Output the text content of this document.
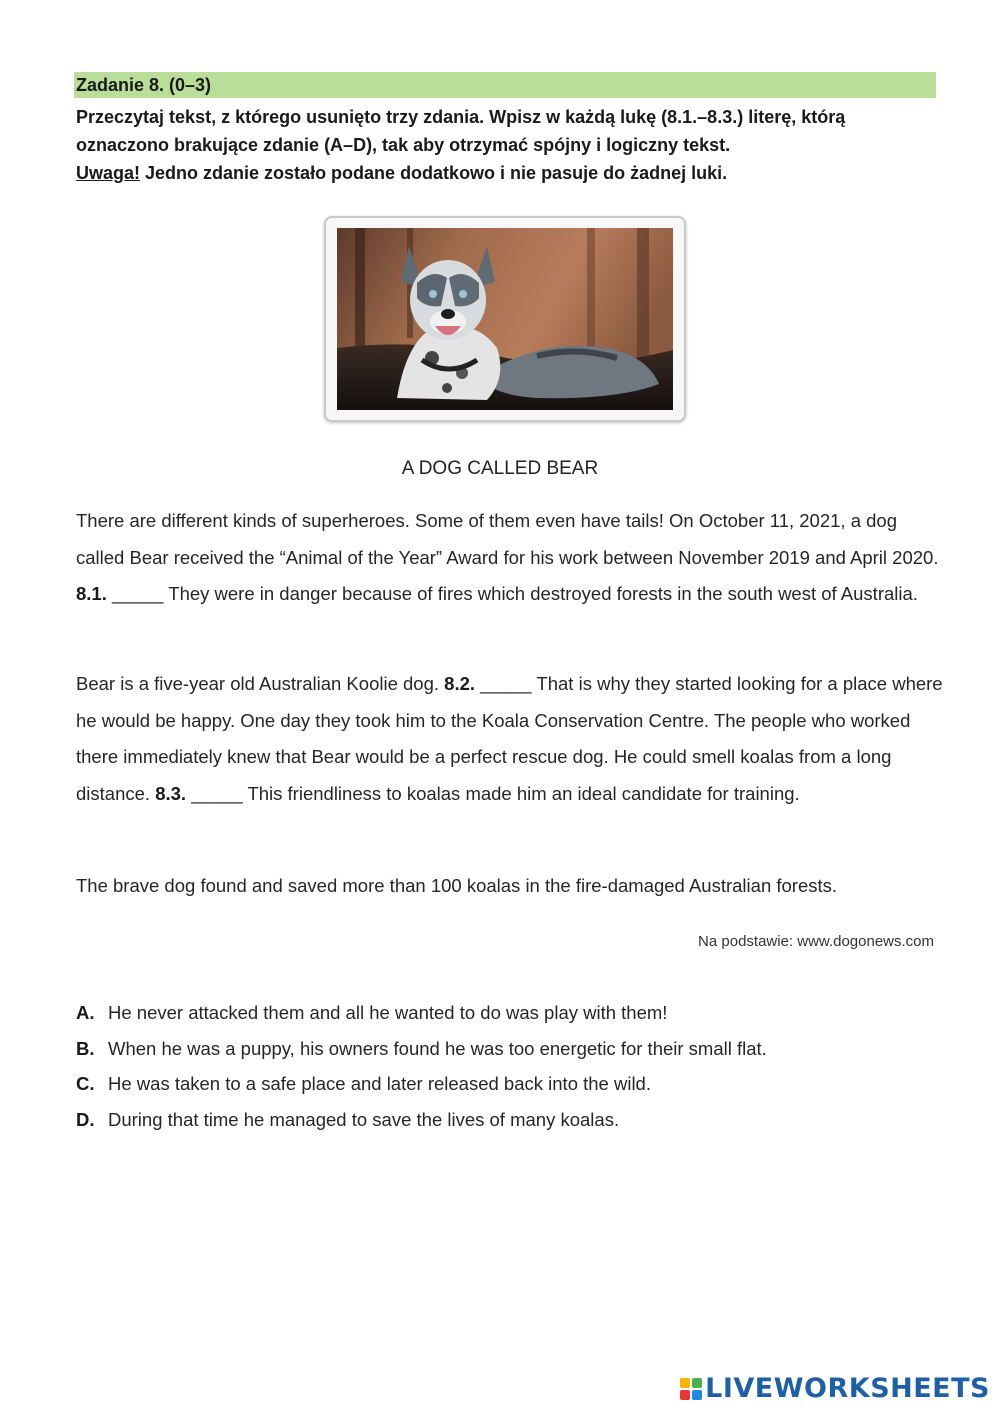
Zadanie 8. (0–3)
Przeczytaj tekst, z którego usunięto trzy zdania. Wpisz w każdą lukę (8.1.–8.3.) literę, którą oznaczono brakujące zdanie (A–D), tak aby otrzymać spójny i logiczny tekst.
Uwaga! Jedno zdanie zostało podane dodatkowo i nie pasuje do żadnej luki.
A DOG CALLED BEAR
There are different kinds of superheroes. Some of them even have tails! On October 11, 2021, a dog called Bear received the “Animal of the Year” Award for his work between November 2019 and April 2020. 8.1. _____ They were in danger because of fires which destroyed forests in the south west of Australia.
Bear is a five-year old Australian Koolie dog. 8.2. _____ That is why they started looking for a place where he would be happy. One day they took him to the Koala Conservation Centre. The people who worked there immediately knew that Bear would be a perfect rescue dog. He could smell koalas from a long distance. 8.3. _____ This friendliness to koalas made him an ideal candidate for training.
The brave dog found and saved more than 100 koalas in the fire-damaged Australian forests.
Na podstawie: www.dogonews.com
A. He never attacked them and all he wanted to do was play with them!
B. When he was a puppy, his owners found he was too energetic for their small flat.
C. He was taken to a safe place and later released back into the wild.
D. During that time he managed to save the lives of many koalas.
LIVEWORKSHEETS
